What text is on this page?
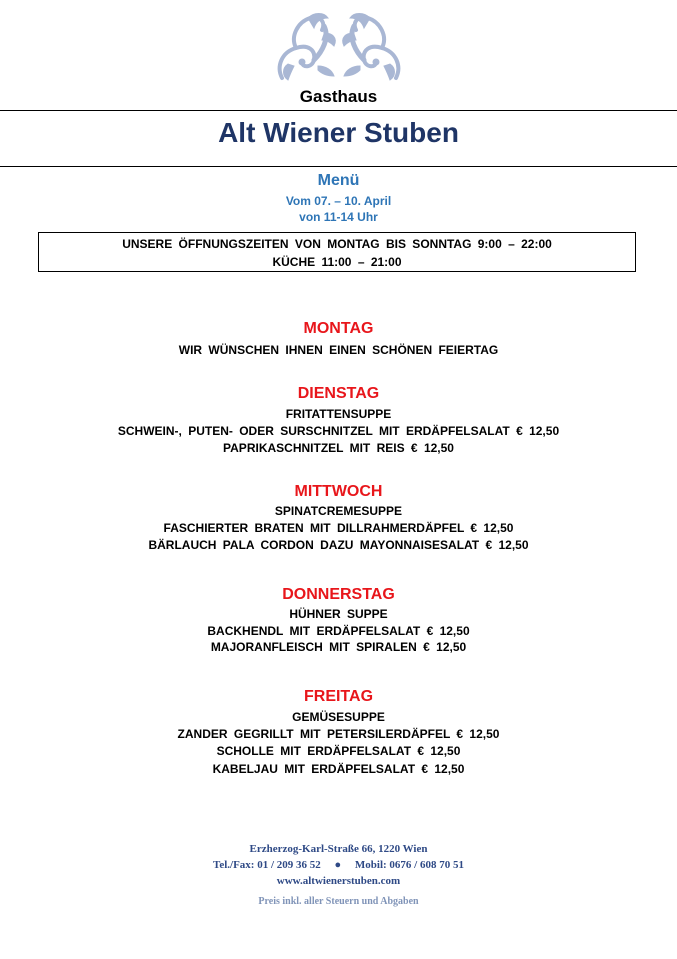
Gasthaus
Alt Wiener Stuben
Menü
Vom 07. – 10. April
von 11-14 Uhr
UNSERE ÖFFNUNGSZEITEN VON MONTAG BIS SONNTAG 9:00 – 22:00
KÜCHE 11:00 – 21:00
MONTAG
WIR WÜNSCHEN IHNEN EINEN SCHÖNEN FEIERTAG
DIENSTAG
FRITATTENSUPPE
SCHWEIN-, PUTEN- ODER SURSCHNITZEL MIT ERDÄPFELSALAT € 12,50
PAPRIKASCHNITZEL MIT REIS € 12,50
MITTWOCH
SPINATCREMESUPPE
FASCHIERTER BRATEN MIT DILLRAHMERDÄPFEL € 12,50
BÄRLAUCH PALA CORDON DAZU MAYONNAISESALAT € 12,50
DONNERSTAG
HÜHNER SUPPE
BACKHENDL MIT ERDÄPFELSALAT € 12,50
MAJORANFLEISCH MIT SPIRALEN € 12,50
FREITAG
GEMÜSESUPPE
ZANDER GEGRILLT MIT PETERSILERDÄPFEL € 12,50
SCHOLLE MIT ERDÄPFELSALAT € 12,50
KABELJAU MIT ERDÄPFELSALAT € 12,50
Erzherzog-Karl-Straße 66, 1220 Wien
Tel./Fax: 01 / 209 36 52     ●     Mobil: 0676 / 608 70 51
www.altwienerstuben.com
Preis inkl. aller Steuern und Abgaben
